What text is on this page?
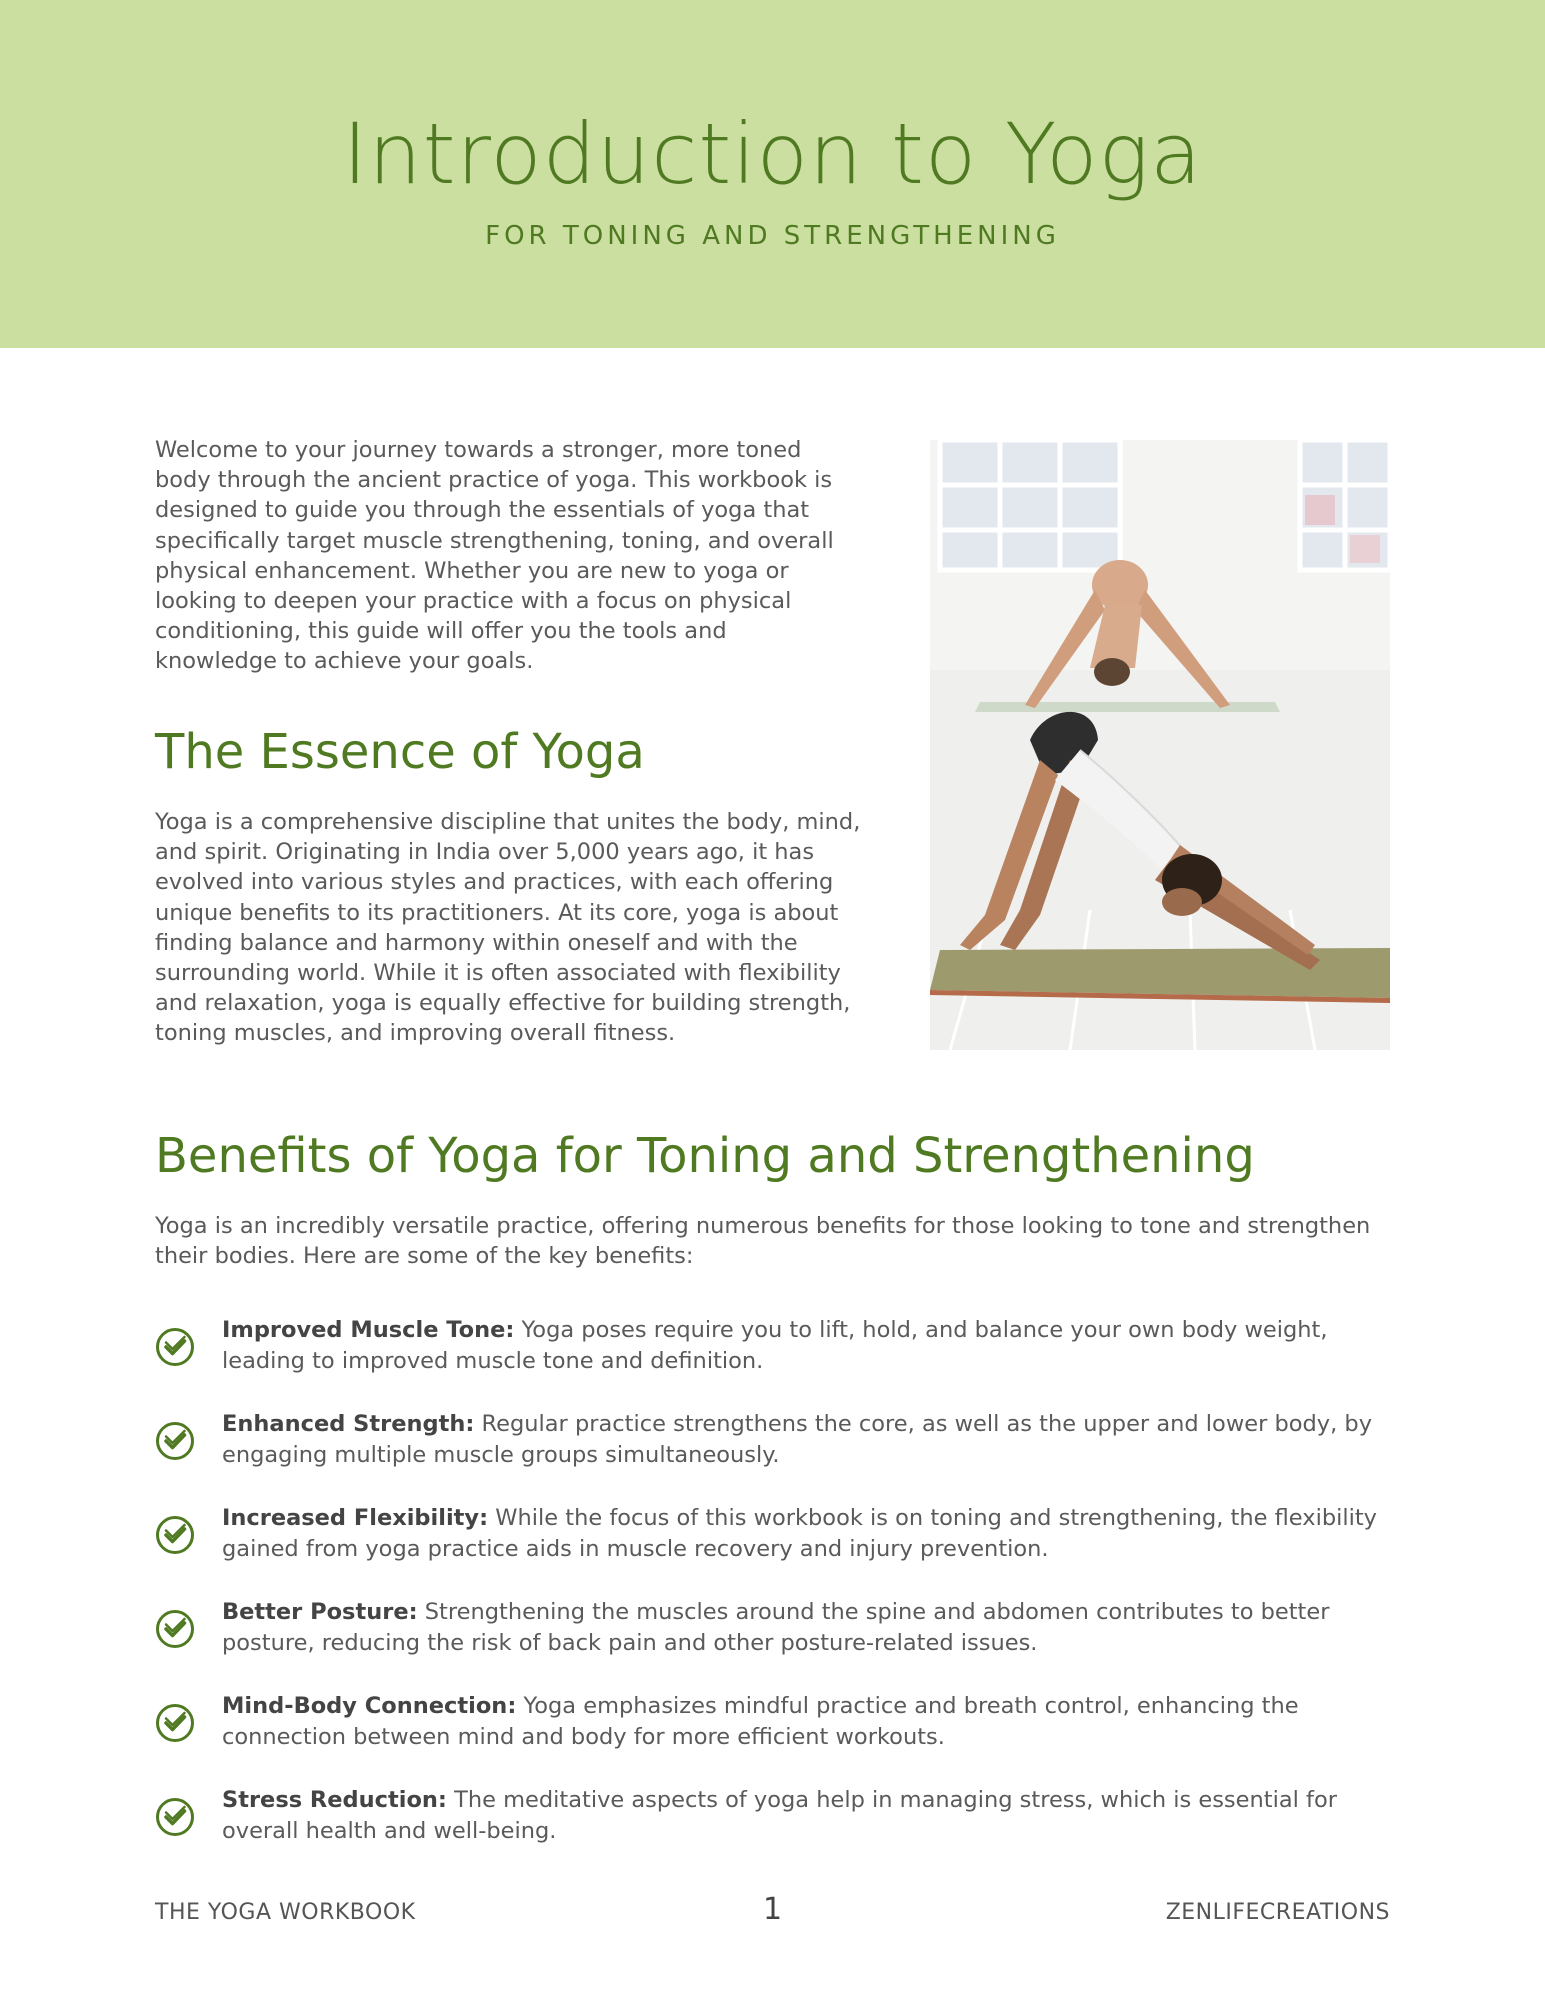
Introduction to Yoga
FOR TONING AND STRENGTHENING

Welcome to your journey towards a stronger, more toned body through the ancient practice of yoga. This workbook is designed to guide you through the essentials of yoga that specifically target muscle strengthening, toning, and overall physical enhancement. Whether you are new to yoga or looking to deepen your practice with a focus on physical conditioning, this guide will offer you the tools and knowledge to achieve your goals.

The Essence of Yoga

Yoga is a comprehensive discipline that unites the body, mind, and spirit. Originating in India over 5,000 years ago, it has evolved into various styles and practices, with each offering unique benefits to its practitioners. At its core, yoga is about finding balance and harmony within oneself and with the surrounding world. While it is often associated with flexibility and relaxation, yoga is equally effective for building strength, toning muscles, and improving overall fitness.

Benefits of Yoga for Toning and Strengthening

Yoga is an incredibly versatile practice, offering numerous benefits for those looking to tone and strengthen their bodies. Here are some of the key benefits:

Improved Muscle Tone: Yoga poses require you to lift, hold, and balance your own body weight, leading to improved muscle tone and definition.
Enhanced Strength: Regular practice strengthens the core, as well as the upper and lower body, by engaging multiple muscle groups simultaneously.
Increased Flexibility: While the focus of this workbook is on toning and strengthening, the flexibility gained from yoga practice aids in muscle recovery and injury prevention.
Better Posture: Strengthening the muscles around the spine and abdomen contributes to better posture, reducing the risk of back pain and other posture-related issues.
Mind-Body Connection: Yoga emphasizes mindful practice and breath control, enhancing the connection between mind and body for more efficient workouts.
Stress Reduction: The meditative aspects of yoga help in managing stress, which is essential for overall health and well-being.
THE YOGA WORKBOOK	1	ZENLIFECREATIONS
